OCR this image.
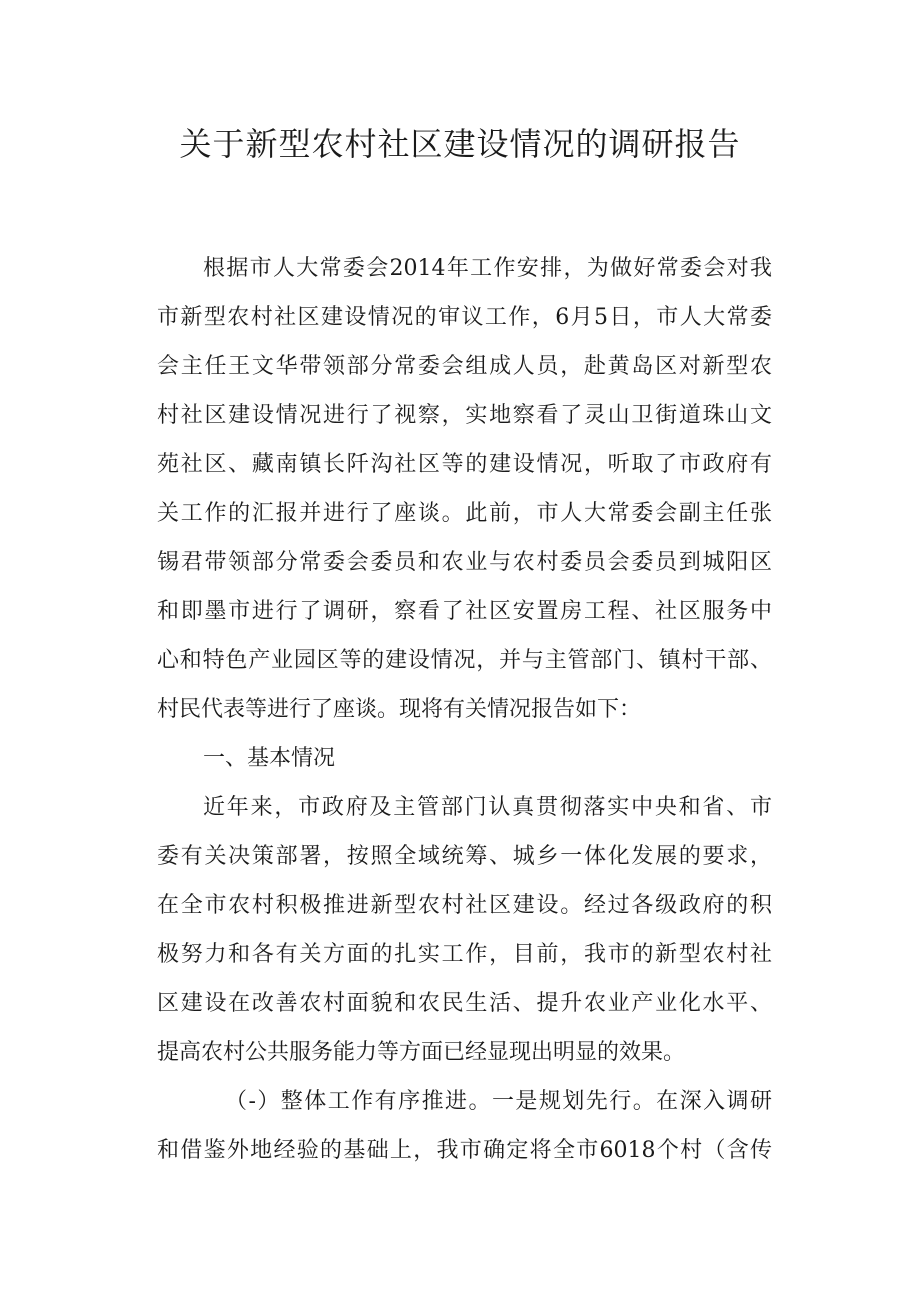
关于新型农村社区建设情况的调研报告
根据市人大常委会2014年工作安排，为做好常委会对我
市新型农村社区建设情况的审议工作，6月5日，市人大常委
会主任王文华带领部分常委会组成人员，赴黄岛区对新型农
村社区建设情况进行了视察，实地察看了灵山卫街道珠山文
苑社区、藏南镇长阡沟社区等的建设情况，听取了市政府有
关工作的汇报并进行了座谈。此前，市人大常委会副主任张
锡君带领部分常委会委员和农业与农村委员会委员到城阳区
和即墨市进行了调研，察看了社区安置房工程、社区服务中
心和特色产业园区等的建设情况，并与主管部门、镇村干部、
村民代表等进行了座谈。现将有关情况报告如下：
一、基本情况
近年来，市政府及主管部门认真贯彻落实中央和省、市
委有关决策部署，按照全域统筹、城乡一体化发展的要求，
在全市农村积极推进新型农村社区建设。经过各级政府的积
极努力和各有关方面的扎实工作，目前，我市的新型农村社
区建设在改善农村面貌和农民生活、提升农业产业化水平、
提高农村公共服务能力等方面已经显现出明显的效果。
（-）整体工作有序推进。一是规划先行。在深入调研
和借鉴外地经验的基础上，我市确定将全市6018个村（含传
